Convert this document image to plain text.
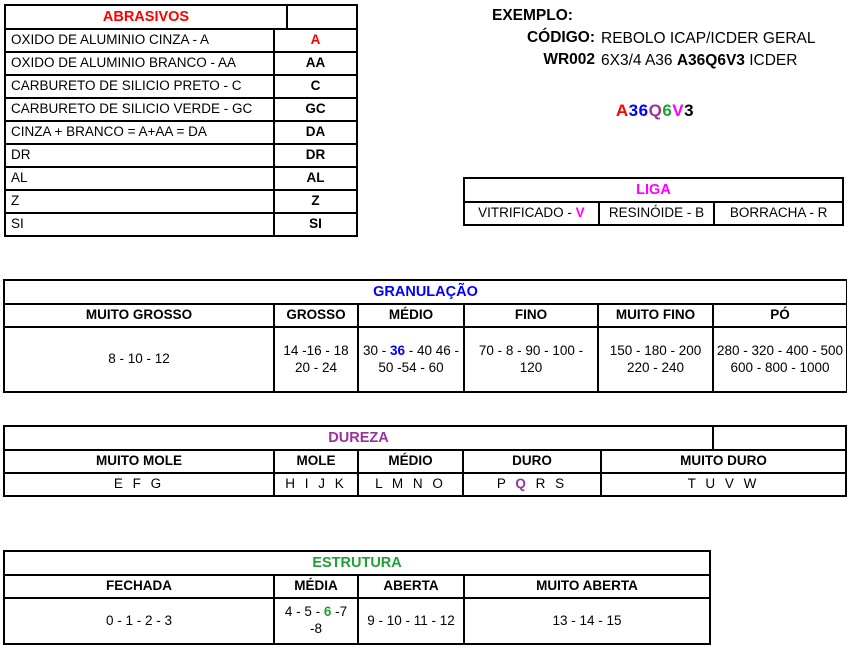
ABRASIVOS		
OXIDO DE ALUMINIO CINZA - A	A	
OXIDO DE ALUMINIO BRANCO - AA	AA	
CARBURETO DE SILICIO PRETO - C	C	
CARBURETO DE SILICIO VERDE - GC	GC	
CINZA + BRANCO = A+AA = DA	DA	
DR	DR	
AL	AL	
Z	Z	
SI	SI	
EXEMPLO:
CÓDIGO: REBOLO ICAP/ICDER GERAL
WR002 6X3/4 A36 A36Q6V3 ICDER
A36Q6V3
LIGA
VITRIFICADO - V	RESINÓIDE - B	BORRACHA - R
GRANULAÇÃO					
MUITO GROSSO	GROSSO	MÉDIO	FINO	MUITO FINO	PÓ
8 - 10 - 12	14 -16 - 18 20 - 24	30 - 36 - 40 46 - 50 -54 - 60	70 - 8 - 90 - 100 - 120	150 - 180 - 200 220 - 240	280 - 320 - 400 - 500 600 - 800 - 1000
DUREZA					
MUITO MOLE	MOLE	MÉDIO	DURO	MUITO DURO	
E F G	H I J K	L M N O	P Q R S	T U V W	
ESTRUTURA			
FECHADA	MÉDIA	ABERTA	MUITO ABERTA
0 - 1 - 2 - 3	4 - 5 - 6 -7 -8	9 - 10 - 11 - 12	13 - 14 - 15
